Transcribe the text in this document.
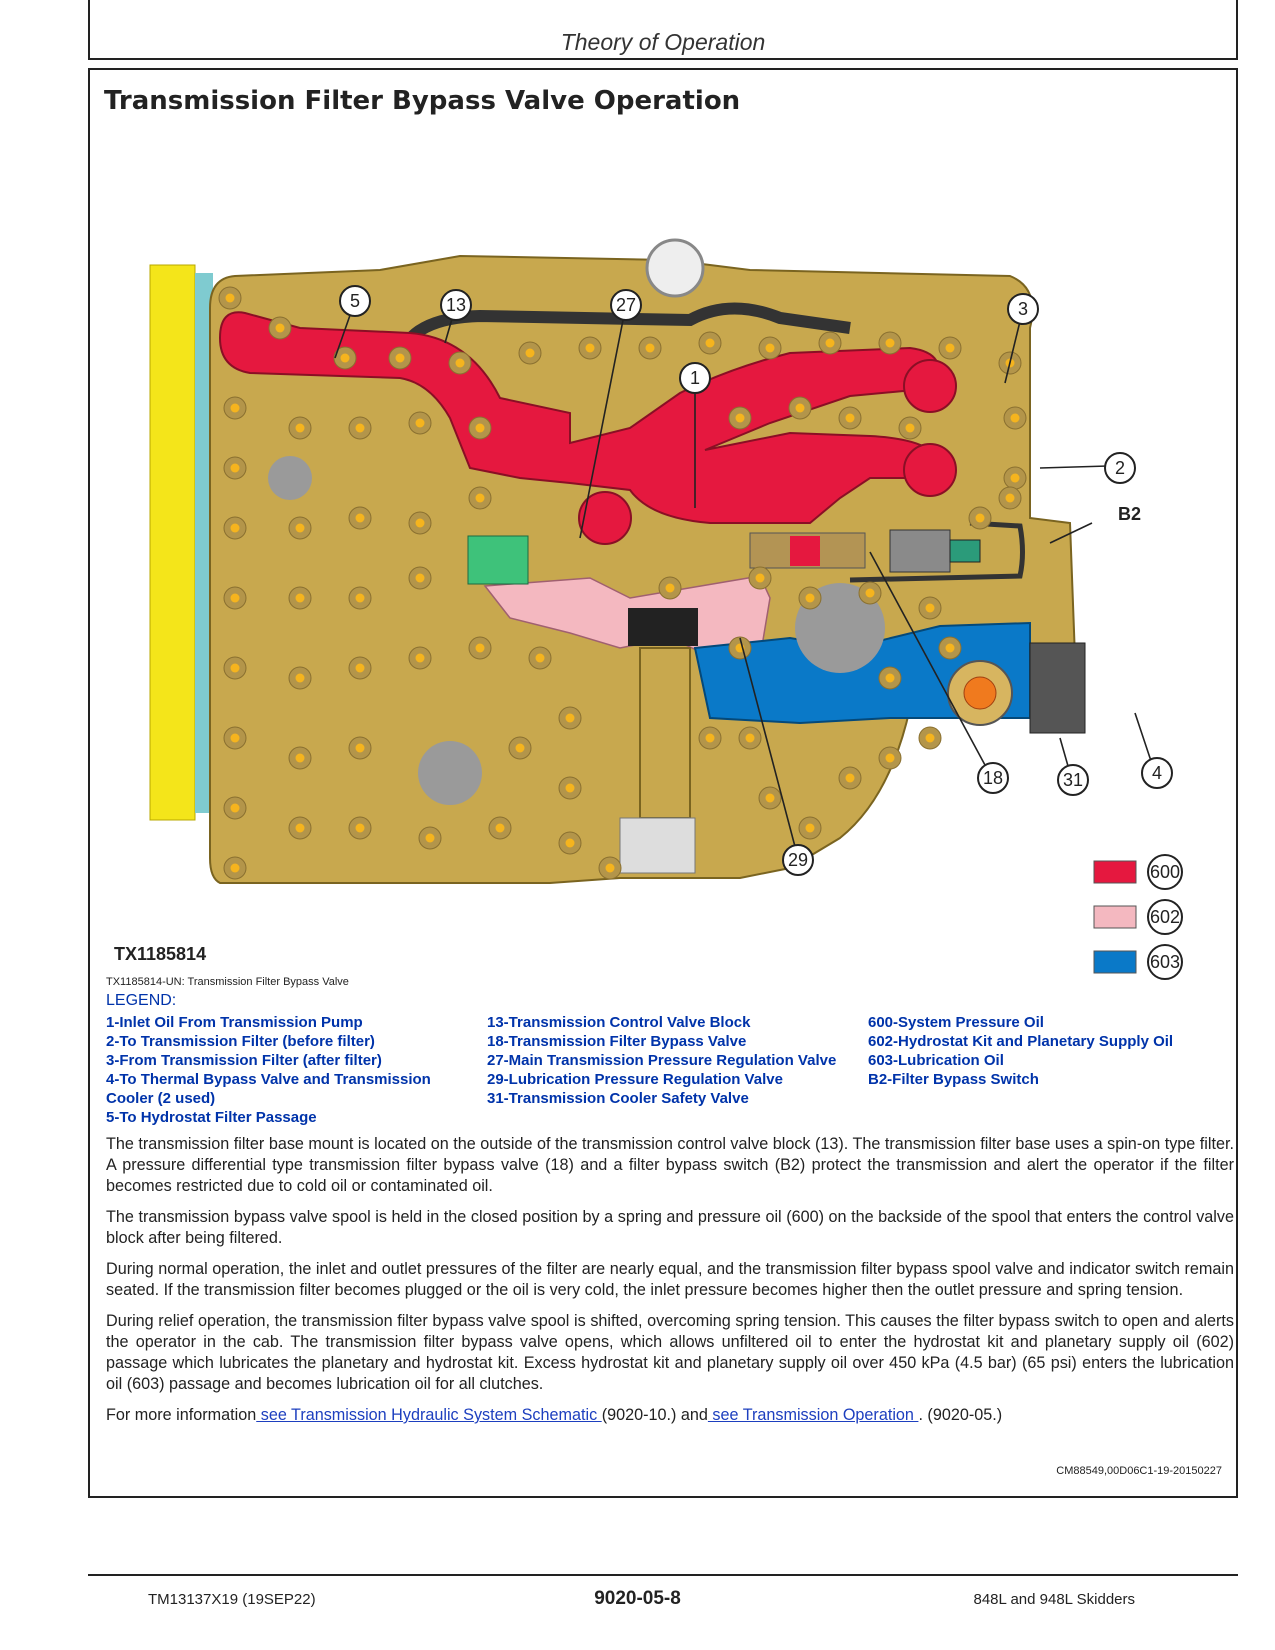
Theory of Operation
Transmission Filter Bypass Valve Operation
5	13	27
1
3
2
B2
4
18	31
29
600
602
603
TX1185814
TX1185814-UN: Transmission Filter Bypass Valve
LEGEND:
1-Inlet Oil From Transmission Pump
2-To Transmission Filter (before filter)
3-From Transmission Filter (after filter)
4-To Thermal Bypass Valve and Transmission Cooler (2 used)
5-To Hydrostat Filter Passage
13-Transmission Control Valve Block
18-Transmission Filter Bypass Valve
27-Main Transmission Pressure Regulation Valve
29-Lubrication Pressure Regulation Valve
31-Transmission Cooler Safety Valve
600-System Pressure Oil
602-Hydrostat Kit and Planetary Supply Oil
603-Lubrication Oil
B2-Filter Bypass Switch

The transmission filter base mount is located on the outside of the transmission control valve block (13). The transmission filter base uses a spin-on type filter. A pressure differential type transmission filter bypass valve (18) and a filter bypass switch (B2) protect the transmission and alert the operator if the filter becomes restricted due to cold oil or contaminated oil.

The transmission bypass valve spool is held in the closed position by a spring and pressure oil (600) on the backside of the spool that enters the control valve block after being filtered.

During normal operation, the inlet and outlet pressures of the filter are nearly equal, and the transmission filter bypass spool valve and indicator switch remain seated. If the transmission filter becomes plugged or the oil is very cold, the inlet pressure becomes higher then the outlet pressure and spring tension.

During relief operation, the transmission filter bypass valve spool is shifted, overcoming spring tension. This causes the filter bypass switch to open and alerts the operator in the cab. The transmission filter bypass valve opens, which allows unfiltered oil to enter the hydrostat kit and planetary supply oil (602) passage which lubricates the planetary and hydrostat kit. Excess hydrostat kit and planetary supply oil over 450 kPa (4.5 bar) (65 psi) enters the lubrication oil (603) passage and becomes lubrication oil for all clutches.

For more information see Transmission Hydraulic System Schematic (9020-10.) and see Transmission Operation . (9020-05.)

CM88549,00D06C1-19-20150227
TM13137X19 (19SEP22)	9020-05-8	848L and 948L Skidders
